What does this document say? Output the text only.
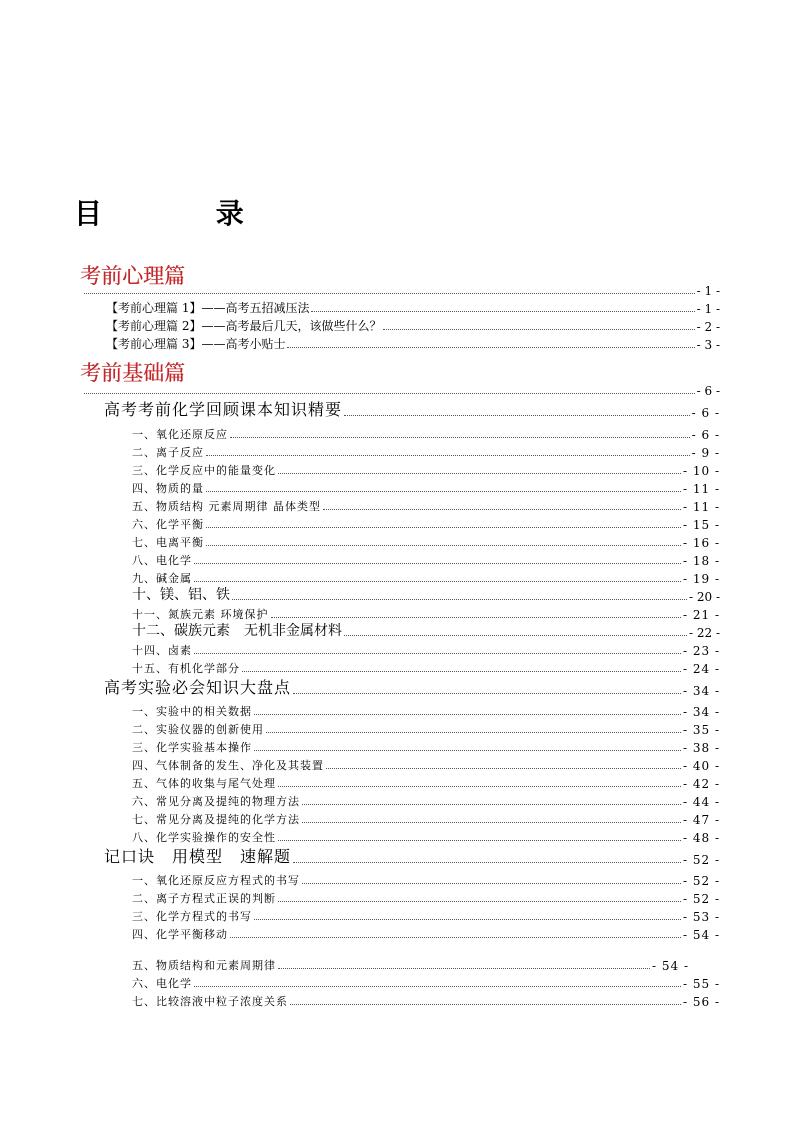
目 录
考前心理篇
- 1 -
【考前心理篇 1】——高考五招减压法	- 1 -
【考前心理篇 2】——高考最后几天，该做些什么？	- 2 -
【考前心理篇 3】——高考小贴士	- 3 -
考前基础篇
- 6 -
高考考前化学回顾课本知识精要	- 6 -
一、氧化还原反应	- 6 -
二、离子反应	- 9 -
三、化学反应中的能量变化	- 10 -
四、物质的量	- 11 -
五、物质结构 元素周期律 晶体类型	- 11 -
六、化学平衡	- 15 -
七、电离平衡	- 16 -
八、电化学	- 18 -
九、碱金属	- 19 -
十、镁、铝、铁	- 20 -
十一、氮族元素 环境保护	- 21 -
十二、碳族元素　无机非金属材料	- 22 -
十四、卤素	- 23 -
十五、有机化学部分	- 24 -
高考实验必会知识大盘点	- 34 -
一、实验中的相关数据	- 34 -
二、实验仪器的创新使用	- 35 -
三、化学实验基本操作	- 38 -
四、气体制备的发生、净化及其装置	- 40 -
五、气体的收集与尾气处理	- 42 -
六、常见分离及提纯的物理方法	- 44 -
七、常见分离及提纯的化学方法	- 47 -
八、化学实验操作的安全性	- 48 -
记口诀　用模型　速解题	- 52 -
一、氧化还原反应方程式的书写	- 52 -
二、离子方程式正误的判断	- 52 -
三、化学方程式的书写	- 53 -
四、化学平衡移动	- 54 -
五、物质结构和元素周期律	- 54 -
六、电化学	- 55 -
七、比较溶液中粒子浓度关系	- 56 -
